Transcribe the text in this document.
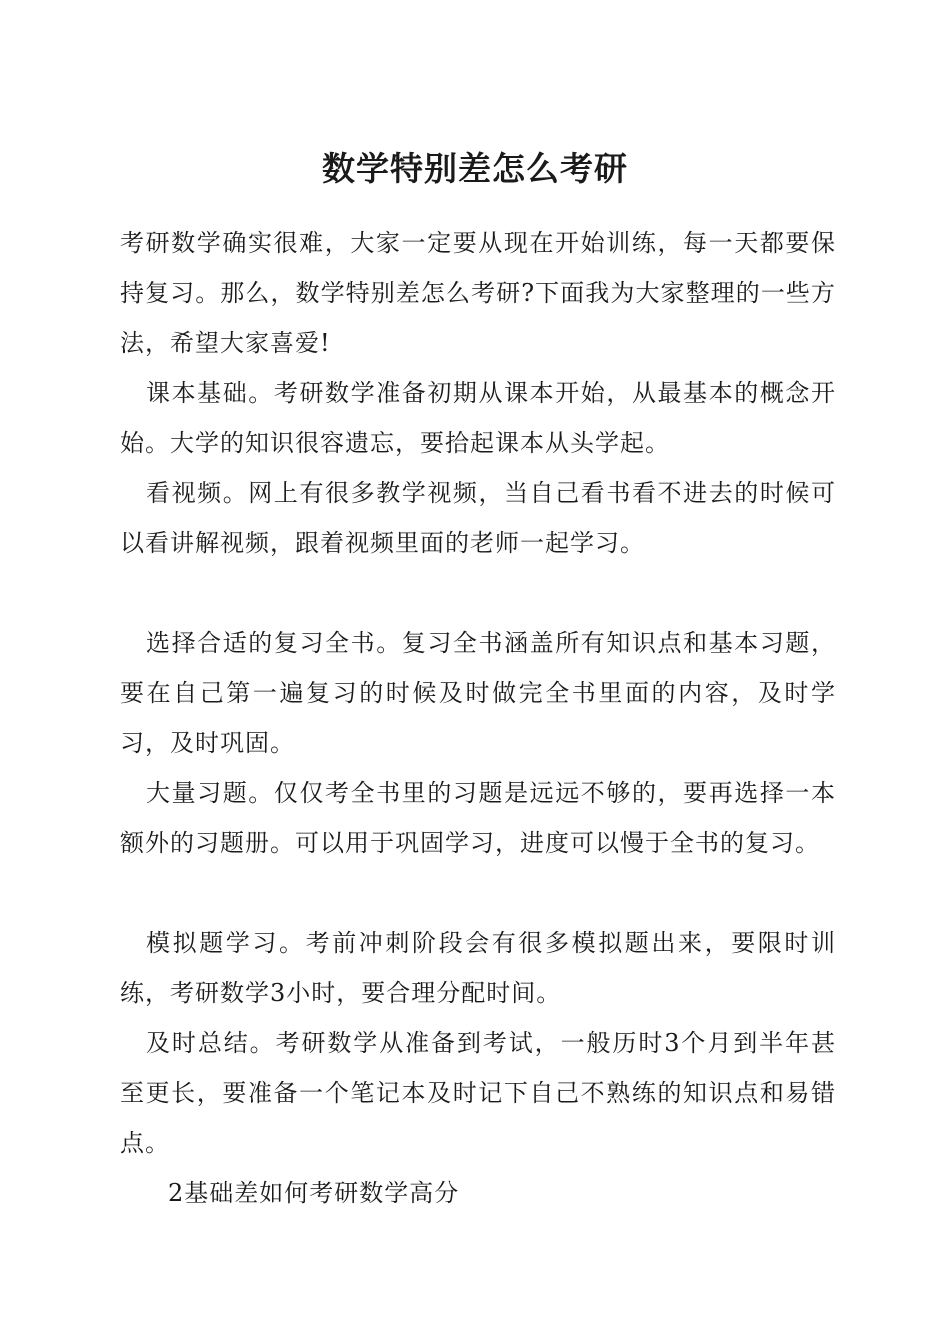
数学特别差怎么考研

考研数学确实很难，大家一定要从现在开始训练，每一天都要保持复习。那么，数学特别差怎么考研?下面我为大家整理的一些方法，希望大家喜爱!

课本基础。考研数学准备初期从课本开始，从最基本的概念开始。大学的知识很容遗忘，要拾起课本从头学起。

看视频。网上有很多教学视频，当自己看书看不进去的时候可以看讲解视频，跟着视频里面的老师一起学习。

选择合适的复习全书。复习全书涵盖所有知识点和基本习题，要在自己第一遍复习的时候及时做完全书里面的内容，及时学习，及时巩固。

大量习题。仅仅考全书里的习题是远远不够的，要再选择一本额外的习题册。可以用于巩固学习，进度可以慢于全书的复习。

模拟题学习。考前冲刺阶段会有很多模拟题出来，要限时训练，考研数学3小时，要合理分配时间。

及时总结。考研数学从准备到考试，一般历时3个月到半年甚至更长，要准备一个笔记本及时记下自己不熟练的知识点和易错点。

2基础差如何考研数学高分
